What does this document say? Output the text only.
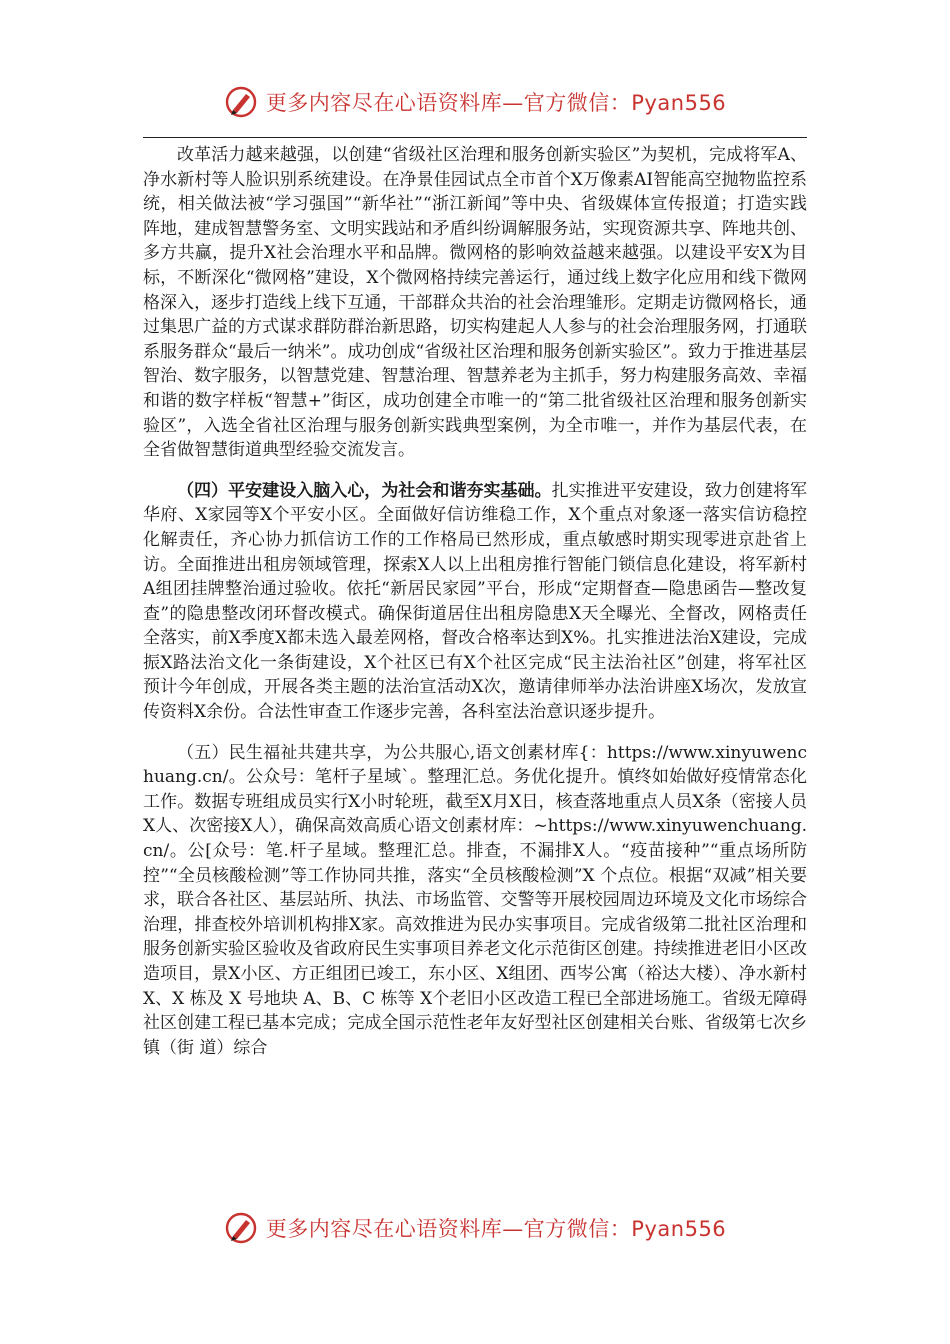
更多内容尽在心语资料库—官方微信：Pyan556

改革活力越来越强，以创建“省级社区治理和服务创新实验区”为契机，完成将军A、净水新村等人脸识别系统建设。在净景佳园试点全市首个X万像素AI智能高空抛物监控系统，相关做法被“学习强国”“新华社”“浙江新闻”等中央、省级媒体宣传报道；打造实践阵地，建成智慧警务室、文明实践站和矛盾纠纷调解服务站，实现资源共享、阵地共创、多方共赢，提升X社会治理水平和品牌。微网格的影响效益越来越强。以建设平安X为目标，不断深化“微网格”建设，X个微网格持续完善运行，通过线上数字化应用和线下微网格深入，逐步打造线上线下互通，干部群众共治的社会治理雏形。定期走访微网格长，通过集思广益的方式谋求群防群治新思路，切实构建起人人参与的社会治理服务网，打通联系服务群众“最后一纳米”。成功创成“省级社区治理和服务创新实验区”。致力于推进基层智治、数字服务，以智慧党建、智慧治理、智慧养老为主抓手，努力构建服务高效、幸福和谐的数字样板“智慧+”街区，成功创建全市唯一的“第二批省级社区治理和服务创新实验区”，入选全省社区治理与服务创新实践典型案例，为全市唯一，并作为基层代表，在全省做智慧街道典型经验交流发言。

（四）平安建设入脑入心，为社会和谐夯实基础。扎实推进平安建设，致力创建将军华府、X家园等X个平安小区。全面做好信访维稳工作，X个重点对象逐一落实信访稳控化解责任，齐心协力抓信访工作的工作格局已然形成，重点敏感时期实现零进京赴省上访。全面推进出租房领域管理，探索X人以上出租房推行智能门锁信息化建设，将军新村A组团挂牌整治通过验收。依托“新居民家园”平台，形成“定期督查—隐患函告—整改复查”的隐患整改闭环督改模式。确保街道居住出租房隐患X天全曝光、全督改，网格责任全落实，前X季度X都未选入最差网格，督改合格率达到X%。扎实推进法治X建设，完成振X路法治文化一条街建设，X个社区已有X个社区完成“民主法治社区”创建，将军社区预计今年创成，开展各类主题的法治宣活动X次，邀请律师举办法治讲座X场次，发放宣传资料X余份。合法性审查工作逐步完善，各科室法治意识逐步提升。

（五）民生福祉共建共享，为公共服心,语文创素材库{：https://www.xinyuwenchuang.cn/。公众号：笔杆子星域`。整理汇总。务优化提升。慎终如始做好疫情常态化工作。数据专班组成员实行X小时轮班，截至X月X日，核查落地重点人员X条（密接人员X人、次密接X人），确保高效高质心语文创素材库：~https://www.xinyuwenchuang.cn/。公[众号：笔.杆子星域。整理汇总。排查，不漏排X人。“疫苗接种”“重点场所防控”“全员核酸检测”等工作协同共推，落实“全员核酸检测”X 个点位。根据“双减”相关要求，联合各社区、基层站所、执法、市场监管、交警等开展校园周边环境及文化市场综合治理，排查校外培训机构排X家。高效推进为民办实事项目。完成省级第二批社区治理和服务创新实验区验收及省政府民生实事项目养老文化示范街区创建。持续推进老旧小区改造项目，景X小区、方正组团已竣工，东小区、X组团、西岑公寓（裕达大楼）、净水新村 X、X 栋及 X 号地块 A、B、C 栋等 X个老旧小区改造工程已全部进场施工。省级无障碍社区创建工程已基本完成；完成全国示范性老年友好型社区创建相关台账、省级第七次乡镇（街 道）综合

更多内容尽在心语资料库—官方微信：Pyan556
